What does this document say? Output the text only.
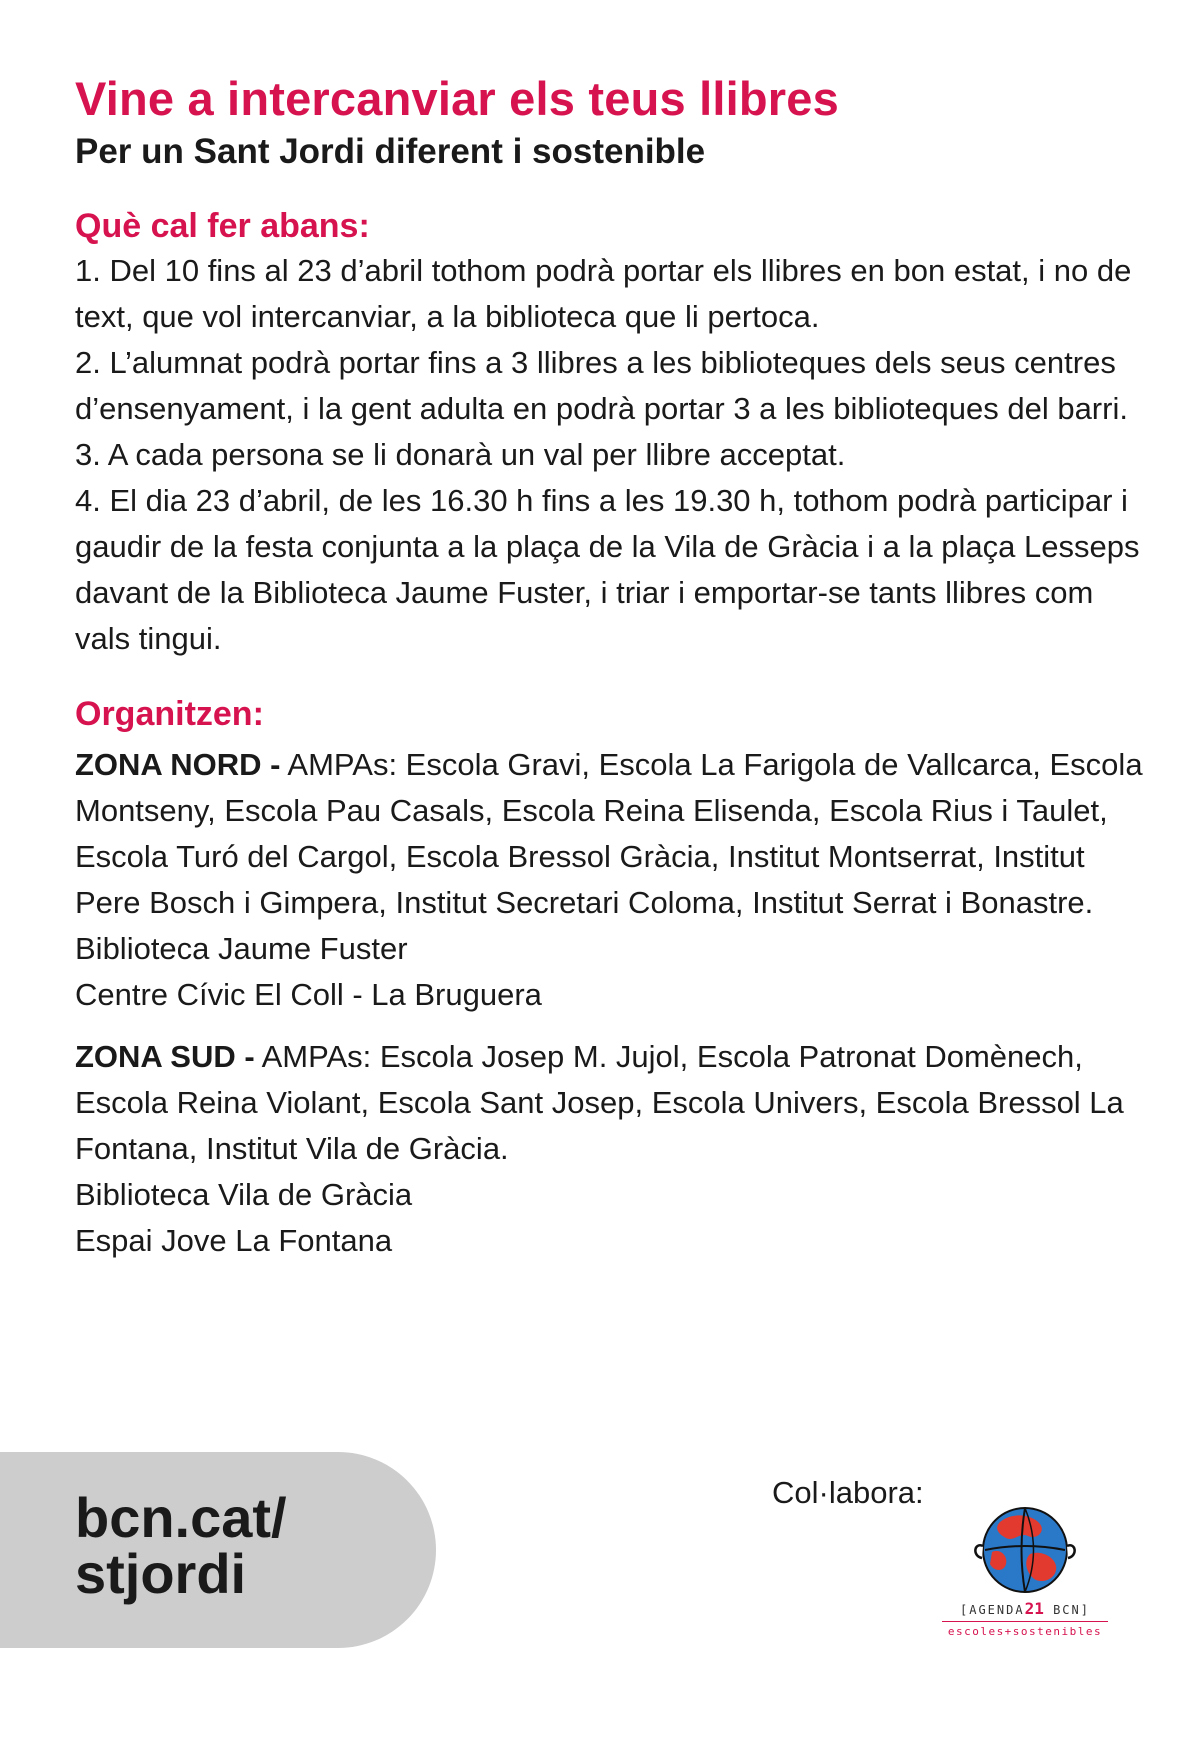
Vine a intercanviar els teus llibres
Per un Sant Jordi diferent i sostenible
Què cal fer abans:

1. Del 10 fins al 23 d’abril tothom podrà portar els llibres en bon estat, i no de text, que vol intercanviar, a la biblioteca que li pertoca.

2. L’alumnat podrà portar fins a 3 llibres a les biblioteques dels seus centres d’ensenyament, i la gent adulta en podrà portar 3 a les biblioteques del barri.

3. A cada persona se li donarà un val per llibre acceptat.

4. El dia 23 d’abril, de les 16.30 h fins a les 19.30 h, tothom podrà participar i gaudir de la festa conjunta a la plaça de la Vila de Gràcia i a la plaça Lesseps davant de la Biblioteca Jaume Fuster, i triar i emportar-se tants llibres com vals tingui.

Organitzen:

ZONA NORD - AMPAs: Escola Gravi, Escola La Farigola de Vallcarca, Escola Montseny, Escola Pau Casals, Escola Reina Elisenda, Escola Rius i Taulet, Escola Turó del Cargol, Escola Bressol Gràcia, Institut Montserrat, Institut Pere Bosch i Gimpera, Institut Secretari Coloma, Institut Serrat i Bonastre.

Biblioteca Jaume Fuster

Centre Cívic El Coll - La Bruguera

ZONA SUD - AMPAs: Escola Josep M. Jujol, Escola Patronat Domènech, Escola Reina Violant, Escola Sant Josep, Escola Univers, Escola Bressol La Fontana, Institut Vila de Gràcia.

Biblioteca Vila de Gràcia

Espai Jove La Fontana

bcn.cat/
stjordi
Col·labora:
[AGENDA21 BCN]
escoles+sostenibles
